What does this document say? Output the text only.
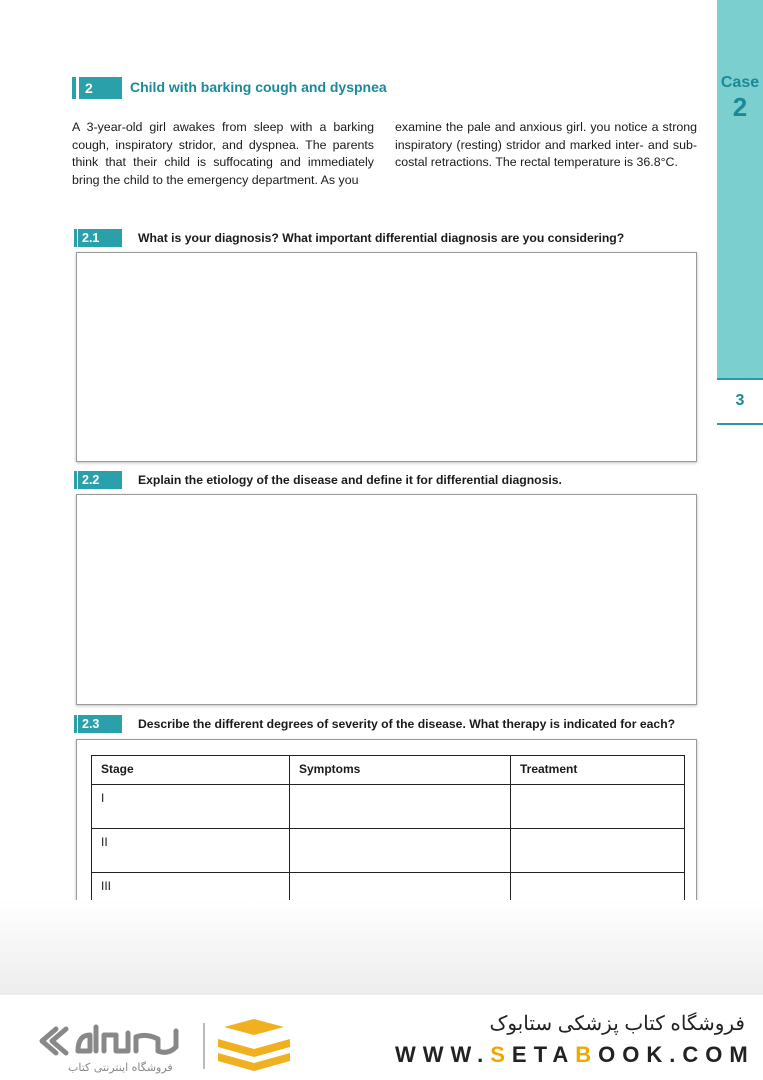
Case
2
3
2	Child with barking cough and dyspnea
A 3-year-old girl awakes from sleep with a barking cough, inspiratory stridor, and dyspnea. The parents think that their child is suffocating and immediately bring the child to the emergency department. As you
examine the pale and anxious girl. you notice a strong inspiratory (resting) stridor and marked inter- and sub-costal retractions. The rectal temperature is 36.8°C.
2.1	What is your diagnosis? What important differential diagnosis are you considering?
2.2	Explain the etiology of the disease and define it for differential diagnosis.
2.3	Describe the different degrees of severity of the disease. What therapy is indicated for each?
Stage	Symptoms	Treatment
I		
II		
III		

فروشگاه اینترنتی کتاب
فروشگاه کتاب پزشکی ستابوک
WWW.SETABOOK.COM
